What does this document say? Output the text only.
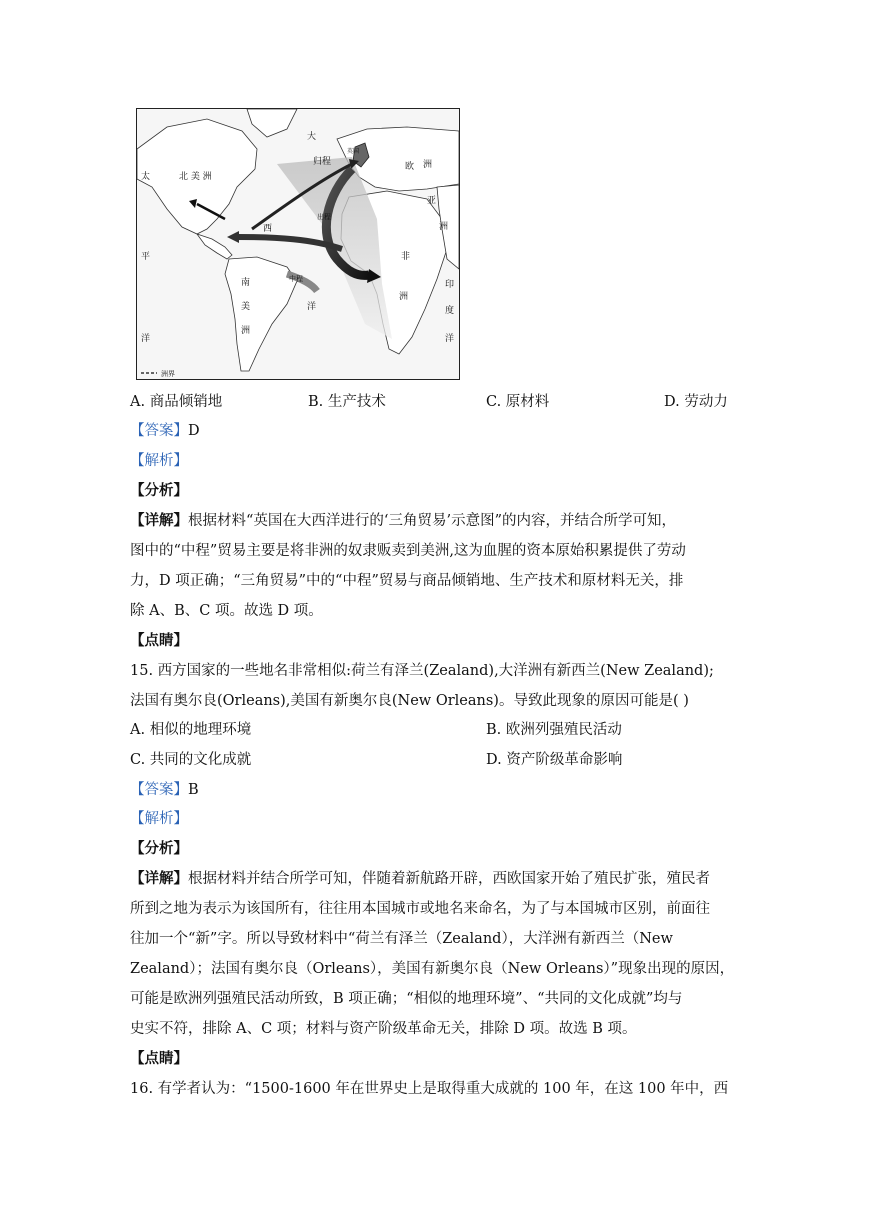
大
归程
英国
欧 洲
亚
洲
太	北 美 洲
西
出程
非
洲
平
中程
洋
南
美
洲
印
度
洋	洋
洲界
A. 商品倾销地	B. 生产技术	C. 原材料	D. 劳动力
【答案】D
【解析】
【分析】
【详解】根据材料“英国在大西洋进行的‘三角贸易’示意图”的内容，并结合所学可知，
图中的“中程”贸易主要是将非洲的奴隶贩卖到美洲,这为血腥的资本原始积累提供了劳动
力，D 项正确；“三角贸易”中的“中程”贸易与商品倾销地、生产技术和原材料无关，排
除 A、B、C 项。故选 D 项。
【点睛】
15. 西方国家的一些地名非常相似:荷兰有泽兰(Zealand),大洋洲有新西兰(New Zealand);
法国有奥尔良(Orleans),美国有新奥尔良(New Orleans)。导致此现象的原因可能是( )
A. 相似的地理环境	B. 欧洲列强殖民活动
C. 共同的文化成就	D. 资产阶级革命影响
【答案】B
【解析】
【分析】
【详解】根据材料并结合所学可知，伴随着新航路开辟，西欧国家开始了殖民扩张，殖民者
所到之地为表示为该国所有，往往用本国城市或地名来命名，为了与本国城市区别，前面往
往加一个“新”字。所以导致材料中“荷兰有泽兰（Zealand），大洋洲有新西兰（New
Zealand）；法国有奥尔良（Orleans），美国有新奥尔良（New Orleans）”现象出现的原因，
可能是欧洲列强殖民活动所致，B 项正确；“相似的地理环境”、“共同的文化成就”均与
史实不符，排除 A、C 项；材料与资产阶级革命无关，排除 D 项。故选 B 项。
【点睛】
16. 有学者认为：“1500-1600 年在世界史上是取得重大成就的 100 年，在这 100 年中，西
